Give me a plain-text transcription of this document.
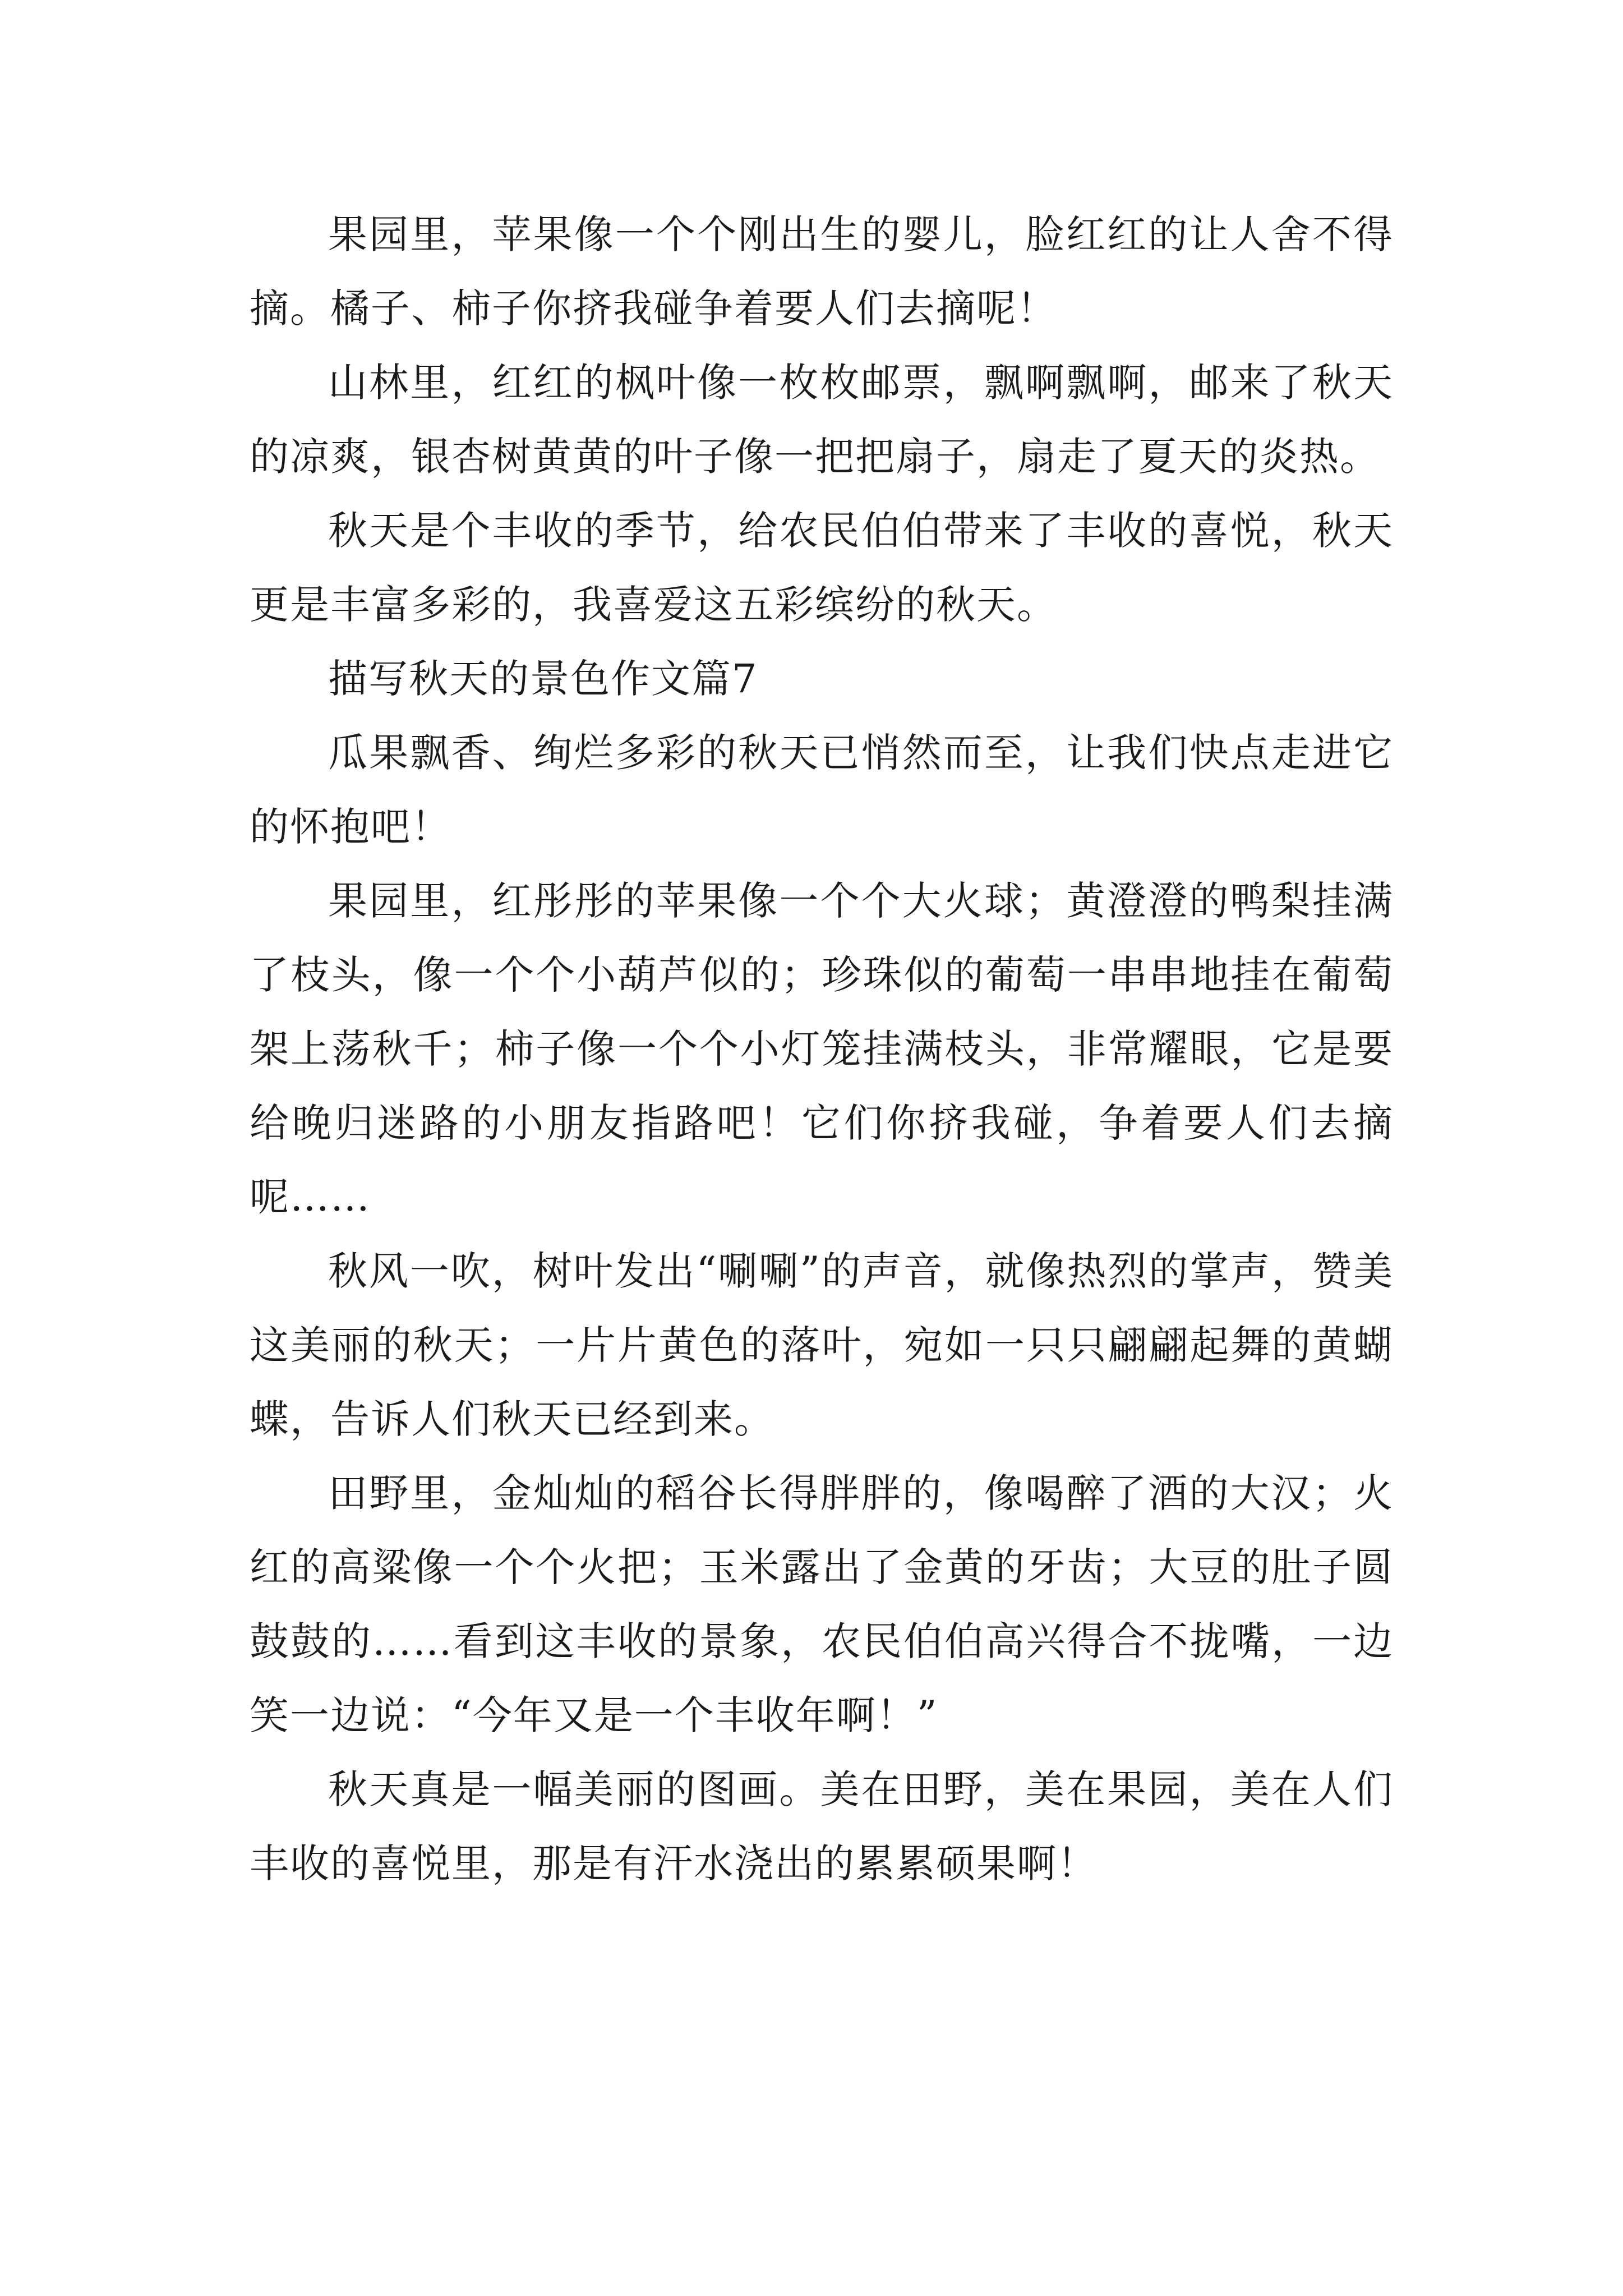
果园里，苹果像一个个刚出生的婴儿，脸红红的让人舍不得摘。橘子、柿子你挤我碰争着要人们去摘呢！

山林里，红红的枫叶像一枚枚邮票，飘啊飘啊，邮来了秋天的凉爽，银杏树黄黄的叶子像一把把扇子，扇走了夏天的炎热。

秋天是个丰收的季节，给农民伯伯带来了丰收的喜悦，秋天更是丰富多彩的，我喜爱这五彩缤纷的秋天。

描写秋天的景色作文篇7

瓜果飘香、绚烂多彩的秋天已悄然而至，让我们快点走进它的怀抱吧！

果园里，红彤彤的苹果像一个个大火球；黄澄澄的鸭梨挂满了枝头，像一个个小葫芦似的；珍珠似的葡萄一串串地挂在葡萄架上荡秋千；柿子像一个个小灯笼挂满枝头，非常耀眼，它是要给晚归迷路的小朋友指路吧！它们你挤我碰，争着要人们去摘呢……

秋风一吹，树叶发出“唰唰”的声音，就像热烈的掌声，赞美这美丽的秋天；一片片黄色的落叶，宛如一只只翩翩起舞的黄蝴蝶，告诉人们秋天已经到来。

田野里，金灿灿的稻谷长得胖胖的，像喝醉了酒的大汉；火红的高粱像一个个火把；玉米露出了金黄的牙齿；大豆的肚子圆鼓鼓的……看到这丰收的景象，农民伯伯高兴得合不拢嘴，一边笑一边说：“今年又是一个丰收年啊！”

秋天真是一幅美丽的图画。美在田野，美在果园，美在人们丰收的喜悦里，那是有汗水浇出的累累硕果啊！
